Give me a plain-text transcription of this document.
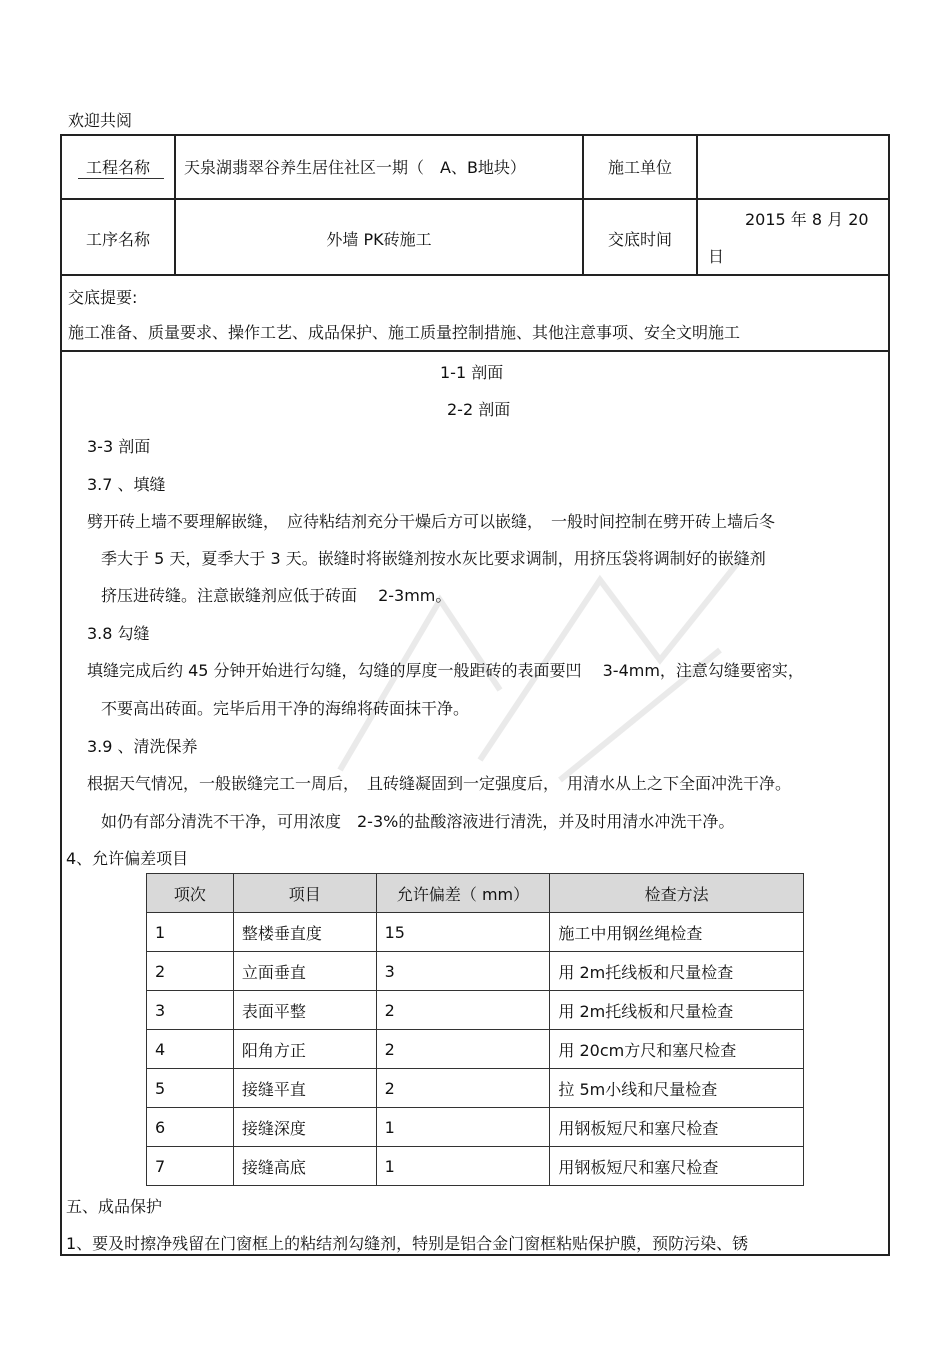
欢迎共阅
工程名称	天泉湖翡翠谷养生居住社区一期（　A、B地块）	施工单位
工序名称	外墙 PK砖施工	交底时间
2015 年 8 月 20
日
交底提要:
施工准备、质量要求、操作工艺、成品保护、施工质量控制措施、其他注意事项、安全文明施工
1-1 剖面
2-2 剖面
3-3 剖面
3.7 、填缝
劈开砖上墙不要理解嵌缝，　应待粘结剂充分干燥后方可以嵌缝，　一般时间控制在劈开砖上墙后冬
季大于 5 天，夏季大于 3 天。嵌缝时将嵌缝剂按水灰比要求调制，用挤压袋将调制好的嵌缝剂
挤压进砖缝。注意嵌缝剂应低于砖面　 2-3mm。
3.8 勾缝
填缝完成后约 45 分钟开始进行勾缝，勾缝的厚度一般距砖的表面要凹　 3-4mm，注意勾缝要密实，
不要高出砖面。完毕后用干净的海绵将砖面抹干净。
3.9 、清洗保养
根据天气情况，一般嵌缝完工一周后，　且砖缝凝固到一定强度后，　用清水从上之下全面冲洗干净。
如仍有部分清洗不干净，可用浓度　2-3%的盐酸溶液进行清洗，并及时用清水冲洗干净。
4、允许偏差项目
项次	项目	允许偏差（ mm）	检查方法
1	整楼垂直度	15	施工中用钢丝绳检查
2	立面垂直	3	用 2m托线板和尺量检查
3	表面平整	2	用 2m托线板和尺量检查
4	阳角方正	2	用 20cm方尺和塞尺检查
5	接缝平直	2	拉 5m小线和尺量检查
6	接缝深度	1	用钢板短尺和塞尺检查
7	接缝高底	1	用钢板短尺和塞尺检查
五、成品保护
1、要及时擦净残留在门窗框上的粘结剂勾缝剂，特别是铝合金门窗框粘贴保护膜，预防污染、锈
